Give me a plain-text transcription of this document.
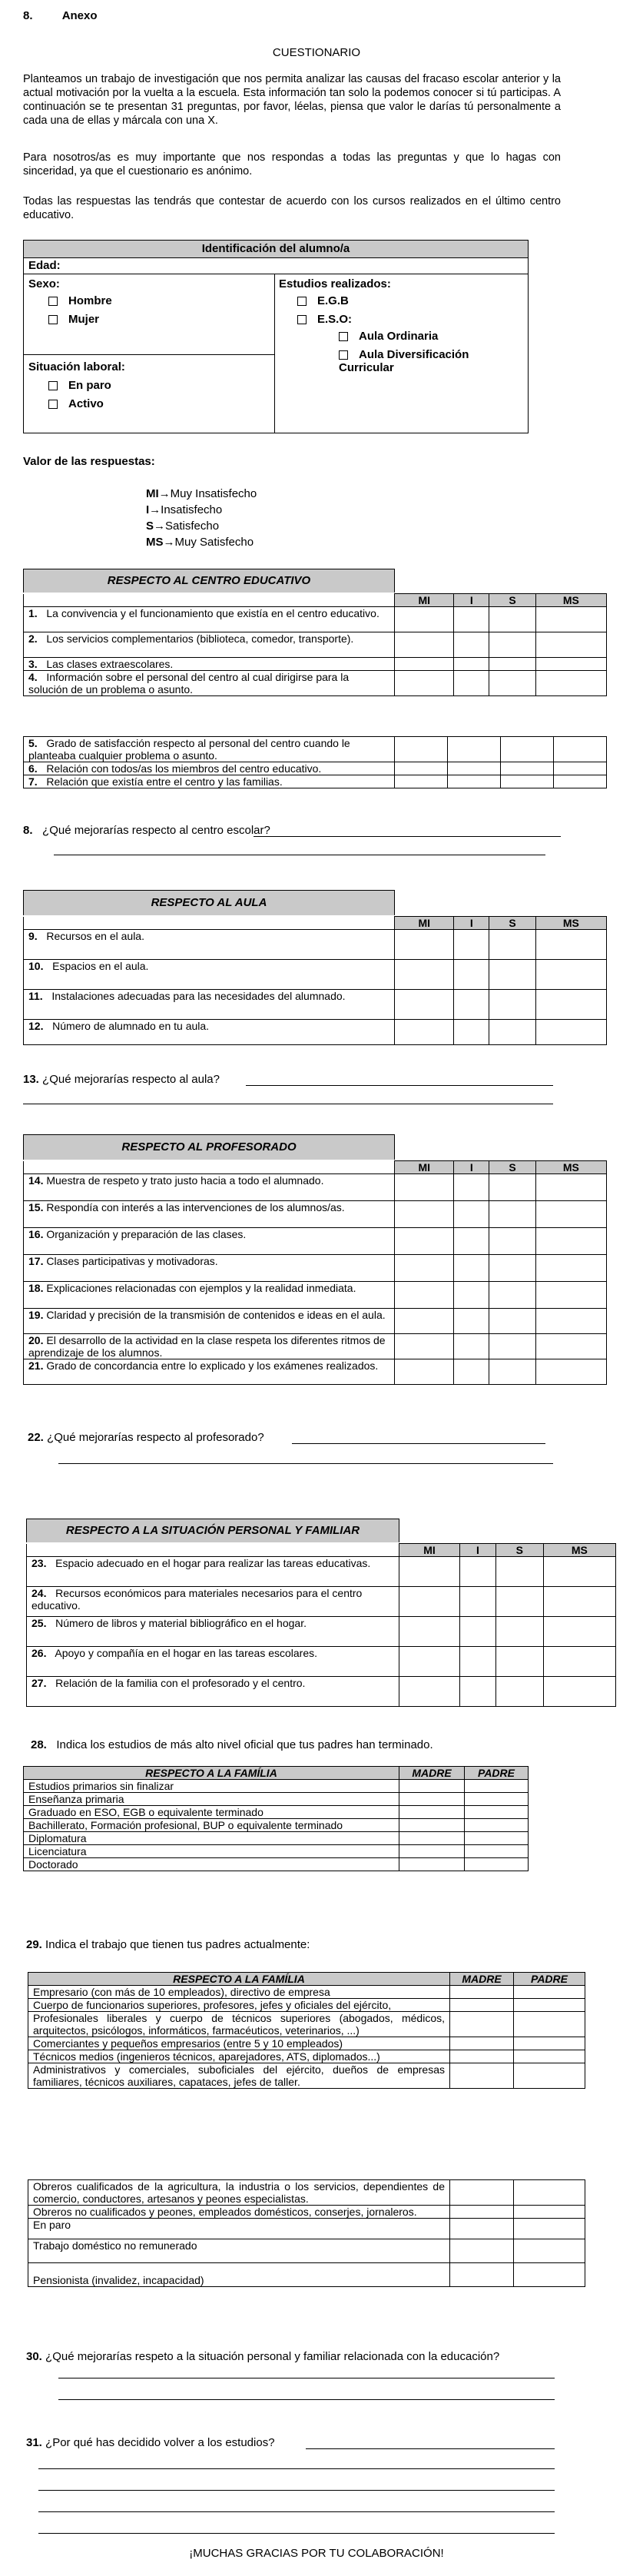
8.	Anexo
CUESTIONARIO
Planteamos un trabajo de investigación que nos permita analizar las causas del fracaso escolar anterior y la actual motivación por la vuelta a la escuela. Esta información tan solo la podemos conocer si tú participas. A continuación se te presentan 31 preguntas, por favor, léelas, piensa que valor le darías tú personalmente a cada una de ellas y márcala con una X.
Para nosotros/as es muy importante que nos respondas a todas las preguntas y que lo hagas con sinceridad, ya que el cuestionario es anónimo.
Todas las respuestas las tendrás que contestar de acuerdo con los cursos realizados en el último centro educativo.
Identificación del alumno/a
Edad:
Sexo:
Hombre
Mujer
Situación laboral:
En paro
Activo
Estudios realizados:
E.G.B
E.S.O:
Aula Ordinaria
Aula Diversificación Curricular
Valor de las respuestas:
MI→Muy Insatisfecho
I→Insatisfecho
S→Satisfecho
MS→Muy Satisfecho
RESPECTO AL CENTRO EDUCATIVO
	MI	I	S	MS
1. La convivencia y el funcionamiento que existía en el centro educativo.				
2. Los servicios complementarios (biblioteca, comedor, transporte).				
3. Las clases extraescolares.				
4. Información sobre el personal del centro al cual dirigirse para la solución de un problema o asunto.				
5. Grado de satisfacción respecto al personal del centro cuando le planteaba cualquier problema o asunto.				
6. Relación con todos/as los miembros del centro educativo.				
7. Relación que existía entre el centro y las familias.				
8. ¿Qué mejorarías respecto al centro escolar?
RESPECTO AL AULA
	MI	I	S	MS
9. Recursos en el aula.				
10. Espacios en el aula.				
11. Instalaciones adecuadas para las necesidades del alumnado.				
12. Número de alumnado en tu aula.				
13. ¿Qué mejorarías respecto al aula?
RESPECTO AL PROFESORADO
	MI	I	S	MS
14. Muestra de respeto y trato justo hacia a todo el alumnado.				
15. Respondía con interés a las intervenciones de los alumnos/as.				
16. Organización y preparación de las clases.				
17. Clases participativas y motivadoras.				
18. Explicaciones relacionadas con ejemplos y la realidad inmediata.				
19. Claridad y precisión de la transmisión de contenidos e ideas en el aula.				
20. El desarrollo de la actividad en la clase respeta los diferentes ritmos de aprendizaje de los alumnos.				
21. Grado de concordancia entre lo explicado y los exámenes realizados.				
22. ¿Qué mejorarías respecto al profesorado?
RESPECTO A LA SITUACIÓN PERSONAL Y FAMILIAR
	MI	I	S	MS
23. Espacio adecuado en el hogar para realizar las tareas educativas.				
24. Recursos económicos para materiales necesarios para el centro educativo.				
25. Número de libros y material bibliográfico en el hogar.				
26. Apoyo y compañía en el hogar en las tareas escolares.				
27. Relación de la familia con el profesorado y el centro.				
28. Indica los estudios de más alto nivel oficial que tus padres han terminado.
RESPECTO A LA FAMÍLIA	MADRE	PADRE
Estudios primarios sin finalizar		
Enseñanza primaria		
Graduado en ESO, EGB o equivalente terminado		
Bachillerato, Formación profesional, BUP o equivalente terminado		
Diplomatura		
Licenciatura		
Doctorado		
29. Indica el trabajo que tienen tus padres actualmente:
RESPECTO A LA FAMÍLIA	MADRE	PADRE
Empresario (con más de 10 empleados), directivo de empresa		
Cuerpo de funcionarios superiores, profesores, jefes y oficiales del ejército,		
Profesionales liberales y cuerpo de técnicos superiores (abogados, médicos, arquitectos, psicólogos, informáticos, farmacéuticos, veterinarios, ...)		
Comerciantes y pequeños empresarios (entre 5 y 10 empleados)		
Técnicos medios (ingenieros técnicos, aparejadores, ATS, diplomados...)		
Administrativos y comerciales, suboficiales del ejército, dueños de empresas familiares, técnicos auxiliares, capataces, jefes de taller.		
Obreros cualificados de la agricultura, la industria o los servicios, dependientes de comercio, conductores, artesanos y peones especialistas.		
Obreros no cualificados y peones, empleados domésticos, conserjes, jornaleros.		
En paro		
Trabajo doméstico no remunerado		
Pensionista (invalidez, incapacidad)		
30. ¿Qué mejorarías respeto a la situación personal y familiar relacionada con la educación?
31. ¿Por qué has decidido volver a los estudios?
¡MUCHAS GRACIAS POR TU COLABORACIÓN!
